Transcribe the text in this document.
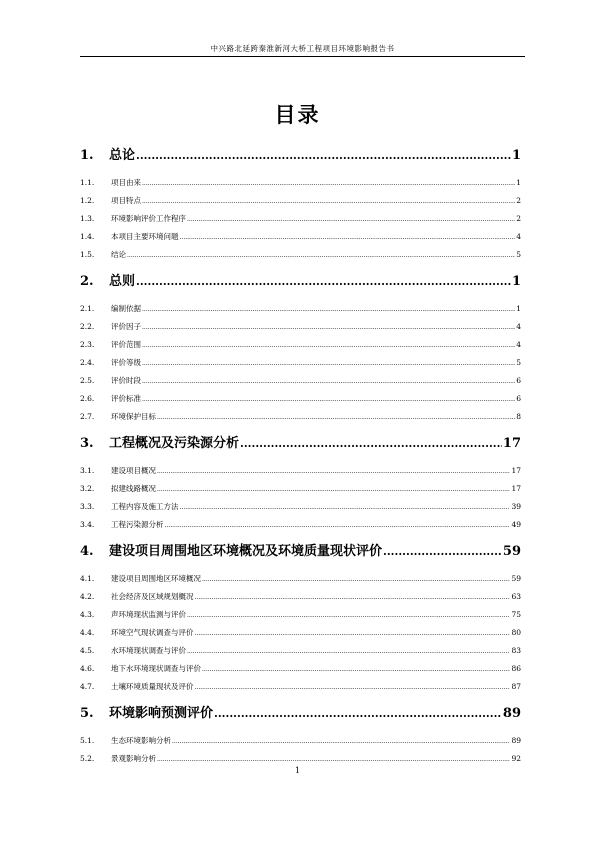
中兴路北延跨秦淮新河大桥工程项目环境影响报告书
目录
1.	总论 .....	1
1.1.	项目由来 .....	1
1.2.	项目特点 .....	2
1.3.	环境影响评价工作程序 .....	2
1.4.	本项目主要环境问题 .....	4
1.5.	结论 .....	5
2.	总则 .....	1
2.1.	编制依据 .....	1
2.2.	评价因子 .....	4
2.3.	评价范围 .....	4
2.4.	评价等级 .....	5
2.5.	评价时段 .....	6
2.6.	评价标准 .....	6
2.7.	环境保护目标 .....	8
3.	工程概况及污染源分析 .....	17
3.1.	建设项目概况 .....	17
3.2.	拟建线路概况 .....	17
3.3.	工程内容及施工方法 .....	39
3.4.	工程污染源分析 .....	49
4.	建设项目周围地区环境概况及环境质量现状评价 .....	59
4.1.	建设项目周围地区环境概况 .....	59
4.2.	社会经济及区域规划概况 .....	63
4.3.	声环境现状监测与评价 .....	75
4.4.	环境空气现状调查与评价 .....	80
4.5.	水环境现状调查与评价 .....	83
4.6.	地下水环境现状调查与评价 .....	86
4.7.	土壤环境质量现状及评价 .....	87
5.	环境影响预测评价 .....	89
5.1.	生态环境影响分析 .....	89
5.2.	景观影响分析 .....	92
1
